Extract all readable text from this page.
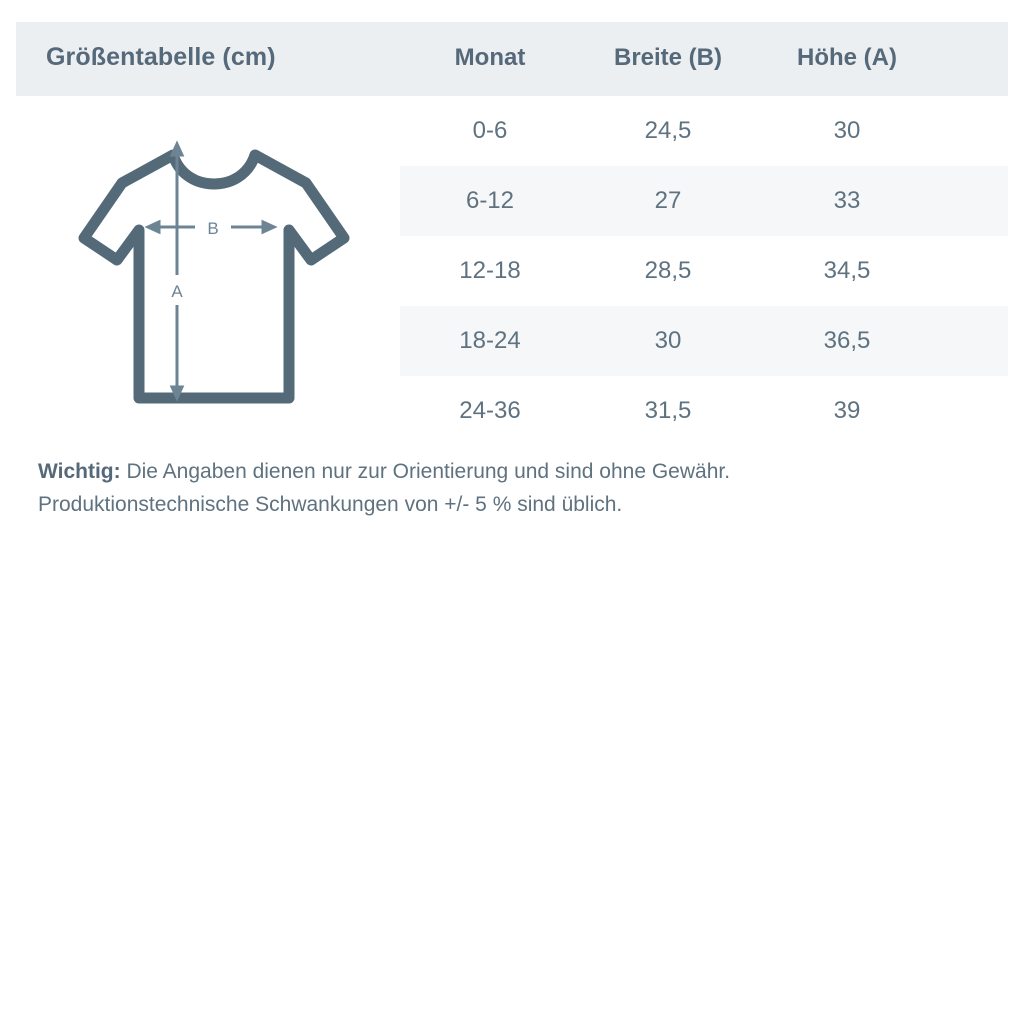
Größentabelle (cm)	Monat	Breite (B)	Höhe (A)
B
A
0-6	24,5	30
6-12	27	33
12-18	28,5	34,5
18-24	30	36,5
24-36	31,5	39
Wichtig: Die Angaben dienen nur zur Orientierung und sind ohne Gewähr.
Produktionstechnische Schwankungen von +/- 5 % sind üblich.
